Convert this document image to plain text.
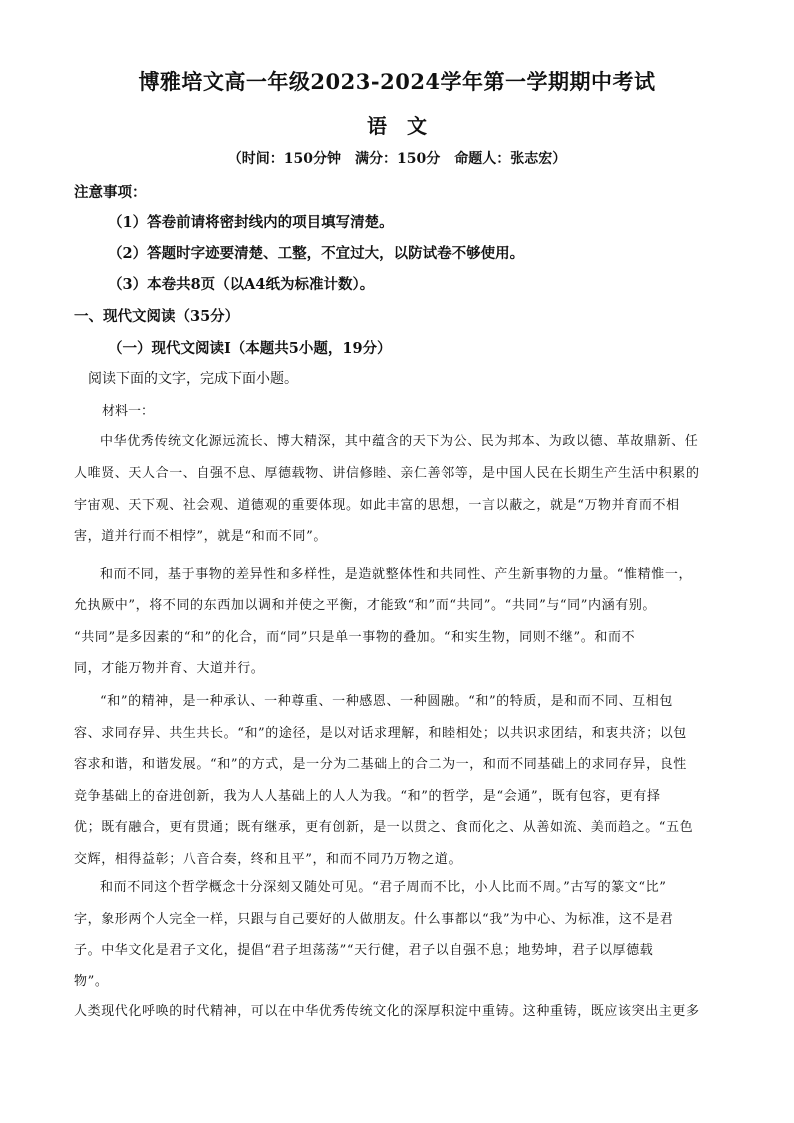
博雅培文高一年级2023-2024学年第一学期期中考试
语　文
（时间：150分钟　满分：150分　命题人：张志宏）
注意事项：
（1）答卷前请将密封线内的项目填写清楚。
（2）答题时字迹要清楚、工整，不宜过大，以防试卷不够使用。
（3）本卷共8页（以A4纸为标准计数）。
一、现代文阅读（35分）
（一）现代文阅读Ⅰ（本题共5小题，19分）
阅读下面的文字，完成下面小题。
材料一：
中华优秀传统文化源远流长、博大精深，其中蕴含的天下为公、民为邦本、为政以德、革故鼎新、任
人唯贤、天人合一、自强不息、厚德载物、讲信修睦、亲仁善邻等，是中国人民在长期生产生活中积累的
宇宙观、天下观、社会观、道德观的重要体现。如此丰富的思想，一言以蔽之，就是“万物并育而不相
害，道并行而不相悖”，就是“和而不同”。
和而不同，基于事物的差异性和多样性，是造就整体性和共同性、产生新事物的力量。“惟精惟一，
允执厥中”，将不同的东西加以调和并使之平衡，才能致“和”而“共同”。“共同”与“同”内涵有别。
“共同”是多因素的“和”的化合，而“同”只是单一事物的叠加。“和实生物，同则不继”。和而不
同，才能万物并育、大道并行。
“和”的精神，是一种承认、一种尊重、一种感恩、一种圆融。“和”的特质，是和而不同、互相包
容、求同存异、共生共长。“和”的途径，是以对话求理解，和睦相处；以共识求团结，和衷共济；以包
容求和谐，和谐发展。“和”的方式，是一分为二基础上的合二为一，和而不同基础上的求同存异，良性
竞争基础上的奋进创新，我为人人基础上的人人为我。“和”的哲学，是“会通”，既有包容，更有择
优；既有融合，更有贯通；既有继承，更有创新，是一以贯之、食而化之、从善如流、美而趋之。“五色
交辉，相得益彰；八音合奏，终和且平”，和而不同乃万物之道。
和而不同这个哲学概念十分深刻又随处可见。“君子周而不比，小人比而不周。”古写的篆文“比”
字，象形两个人完全一样，只跟与自己要好的人做朋友。什么事都以“我”为中心、为标准，这不是君
子。中华文化是君子文化，提倡“君子坦荡荡”“天行健，君子以自强不息；地势坤，君子以厚德载
物”。
人类现代化呼唤的时代精神，可以在中华优秀传统文化的深厚积淀中重铸。这种重铸，既应该突出主更多
